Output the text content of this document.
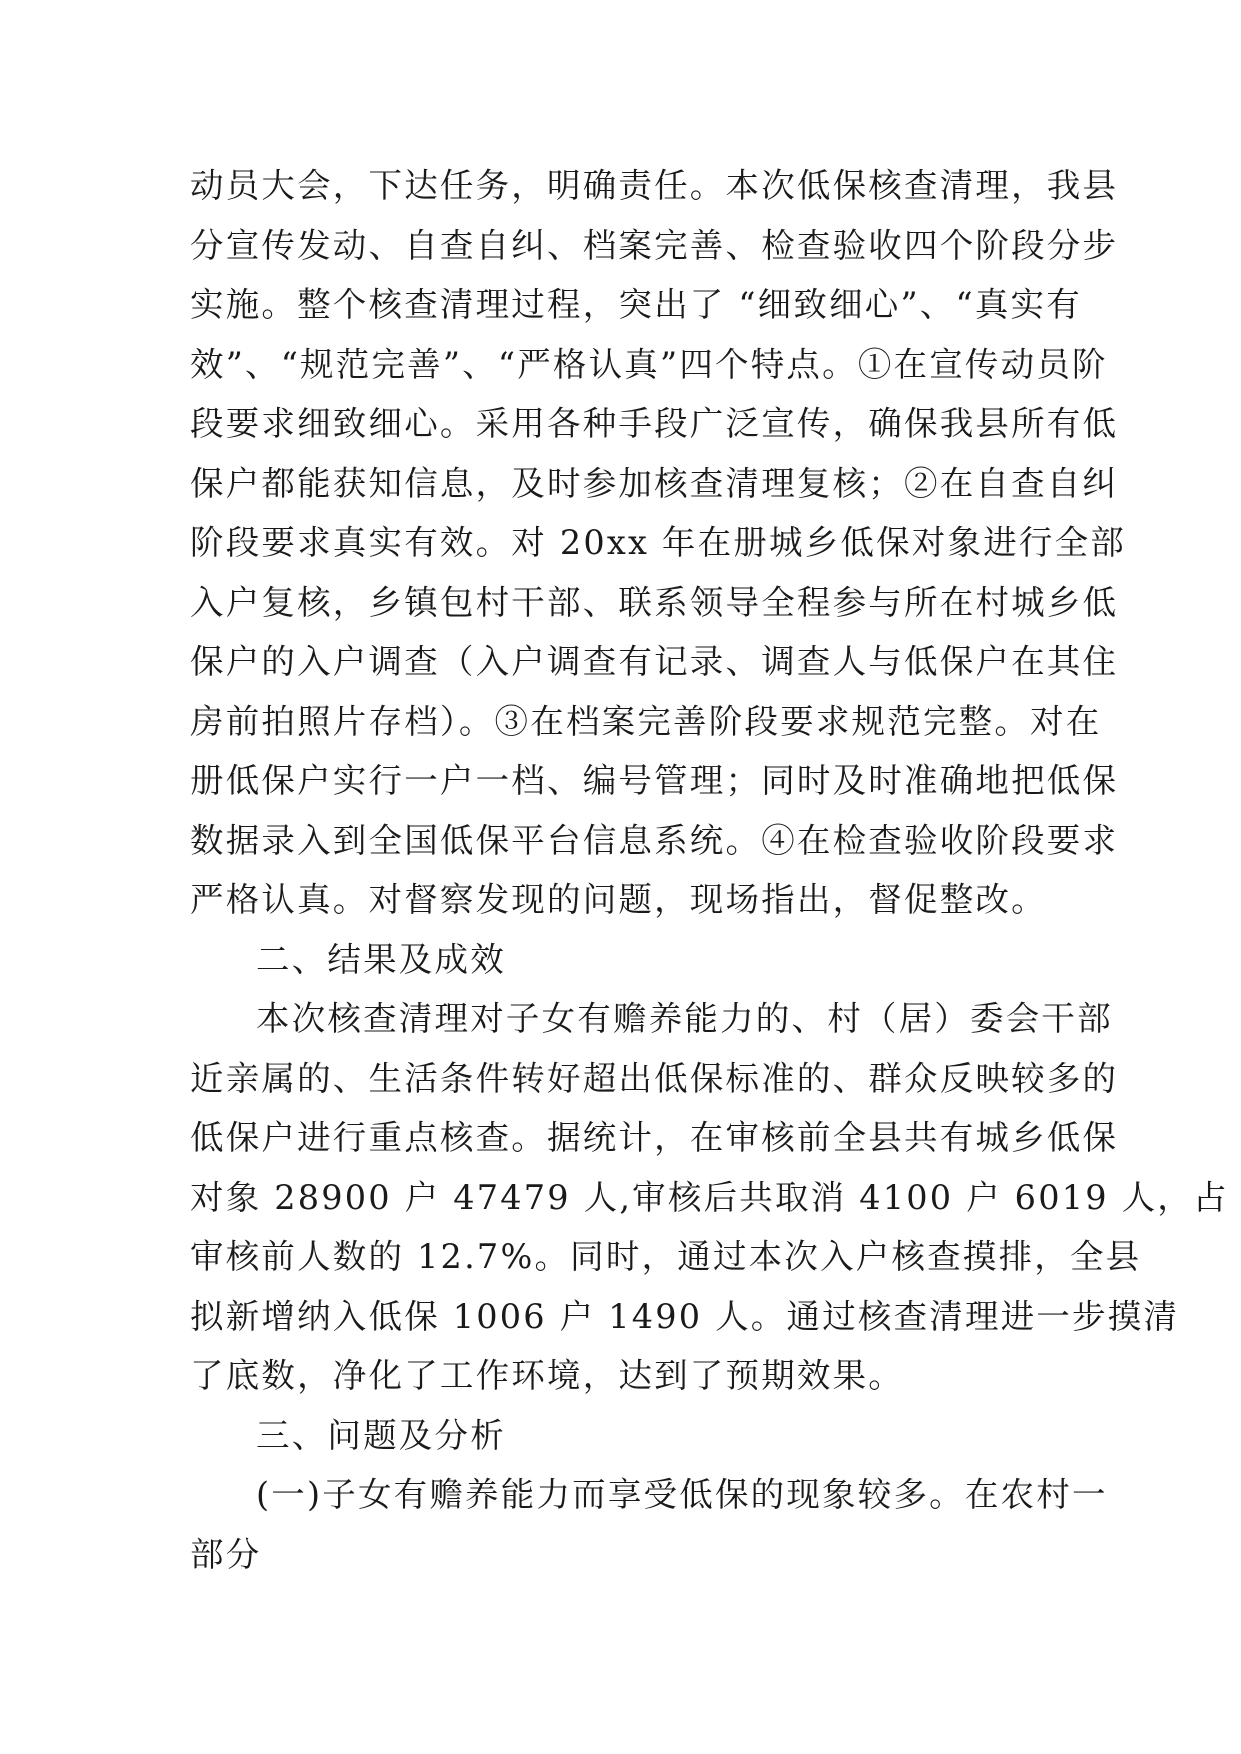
动员大会，下达任务，明确责任。本次低保核查清理，我县
分宣传发动、自查自纠、档案完善、检查验收四个阶段分步
实施。整个核查清理过程，突出了 “细致细心”、“真实有
效”、“规范完善”、“严格认真”四个特点。①在宣传动员阶
段要求细致细心。采用各种手段广泛宣传，确保我县所有低
保户都能获知信息，及时参加核查清理复核；②在自查自纠
阶段要求真实有效。对 20xx 年在册城乡低保对象进行全部
入户复核，乡镇包村干部、联系领导全程参与所在村城乡低
保户的入户调查（入户调查有记录、调查人与低保户在其住
房前拍照片存档）。③在档案完善阶段要求规范完整。对在
册低保户实行一户一档、编号管理；同时及时准确地把低保
数据录入到全国低保平台信息系统。④在检查验收阶段要求
严格认真。对督察发现的问题，现场指出，督促整改。
二、结果及成效
本次核查清理对子女有赡养能力的、村（居）委会干部
近亲属的、生活条件转好超出低保标准的、群众反映较多的
低保户进行重点核查。据统计，在审核前全县共有城乡低保
对象 28900 户 47479 人,审核后共取消 4100 户 6019 人，占
审核前人数的 12.7%。同时，通过本次入户核查摸排，全县
拟新增纳入低保 1006 户 1490 人。通过核查清理进一步摸清
了底数，净化了工作环境，达到了预期效果。
三、问题及分析
(一)子女有赡养能力而享受低保的现象较多。在农村一
部分
